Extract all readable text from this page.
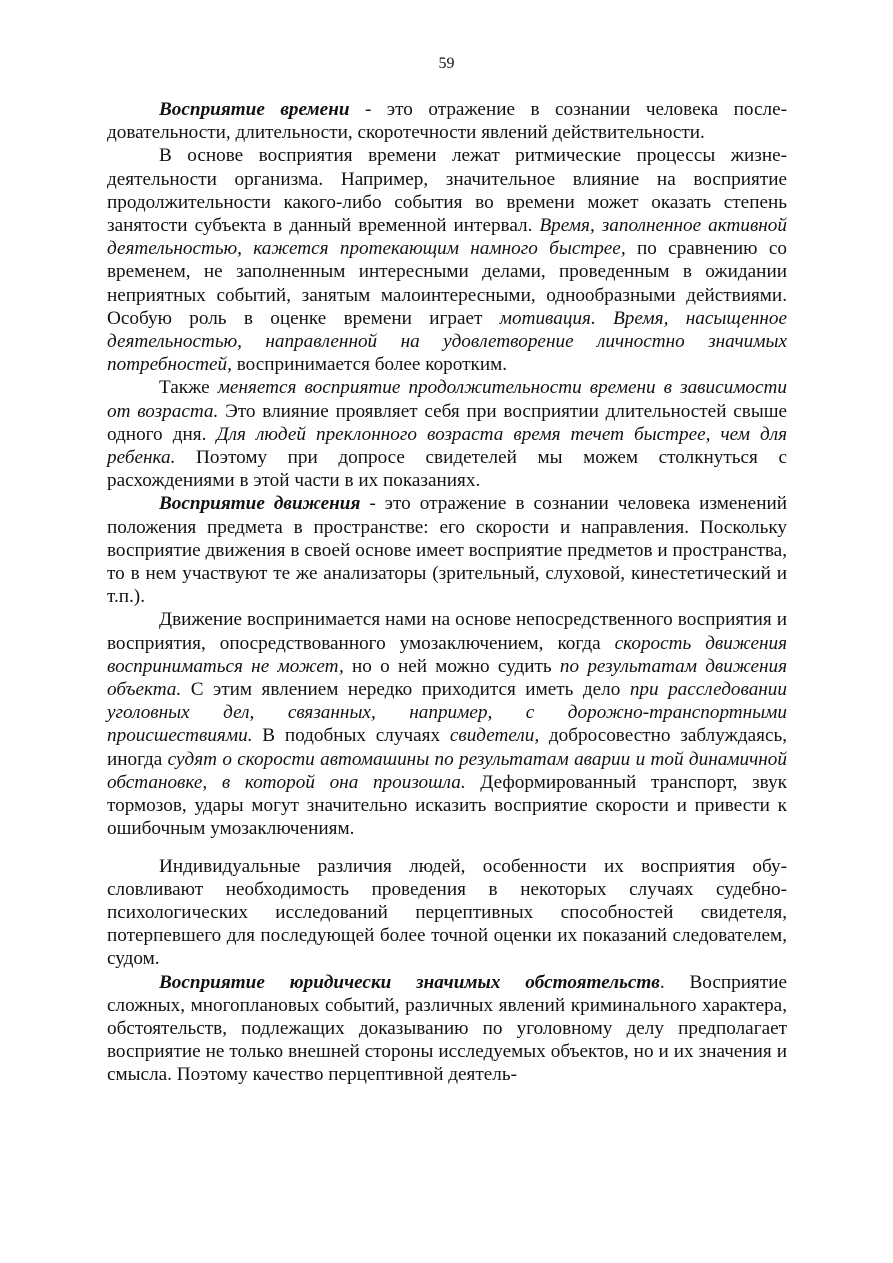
59

Восприятие времени - это отражение в сознании человека последовательности, длительности, скоротечности явлений действительности.

В основе восприятия времени лежат ритмические процессы жизнедеятельности организма. Например, значительное влияние на восприятие продолжительности какого-либо события во времени может оказать степень занятости субъекта в данный временной интервал. Время, заполненное активной деятельностью, кажется протекающим намного быстрее, по сравнению со временем, не заполненным интересными делами, проведенным в ожидании неприятных событий, занятым малоинтересными, однообразными действиями. Особую роль в оценке времени играет мотивация. Время, насыщенное деятельностью, направленной на удовлетворение личностно значимых потребностей, воспринимается более коротким.

Также меняется восприятие продолжительности времени в зависимости от возраста. Это влияние проявляет себя при восприятии длительностей свыше одного дня. Для людей преклонного возраста время течет быстрее, чем для ребенка. Поэтому при допросе свидетелей мы можем столкнуться с расхождениями в этой части в их показаниях.

Восприятие движения - это отражение в сознании человека изменений положения предмета в пространстве: его скорости и направления. Поскольку восприятие движения в своей основе имеет восприятие предметов и пространства, то в нем участвуют те же анализаторы (зрительный, слуховой, кинестетический и т.п.).

Движение воспринимается нами на основе непосредственного восприятия и восприятия, опосредствованного умозаключением, когда скорость движения восприниматься не может, но о ней можно судить по результатам движения объекта. С этим явлением нередко приходится иметь дело при расследовании уголовных дел, связанных, например, с дорожно-транспортными происшествиями. В подобных случаях свидетели, добросовестно заблуждаясь, иногда судят о скорости автомашины по результатам аварии и той динамичной обстановке, в которой она произошла. Деформированный транспорт, звук тормозов, удары могут значительно исказить восприятие скорости и привести к ошибочным умозаключениям.

Индивидуальные различия людей, особенности их восприятия обусловливают необходимость проведения в некоторых случаях судебно-психологических исследований перцептивных способностей свидетеля, потерпевшего для последующей более точной оценки их показаний следователем, судом.

Восприятие юридически значимых обстоятельств. Восприятие сложных, многоплановых событий, различных явлений криминального характера, обстоятельств, подлежащих доказыванию по уголовному делу предполагает восприятие не только внешней стороны исследуемых объектов, но и их значения и смысла. Поэтому качество перцептивной деятель-
